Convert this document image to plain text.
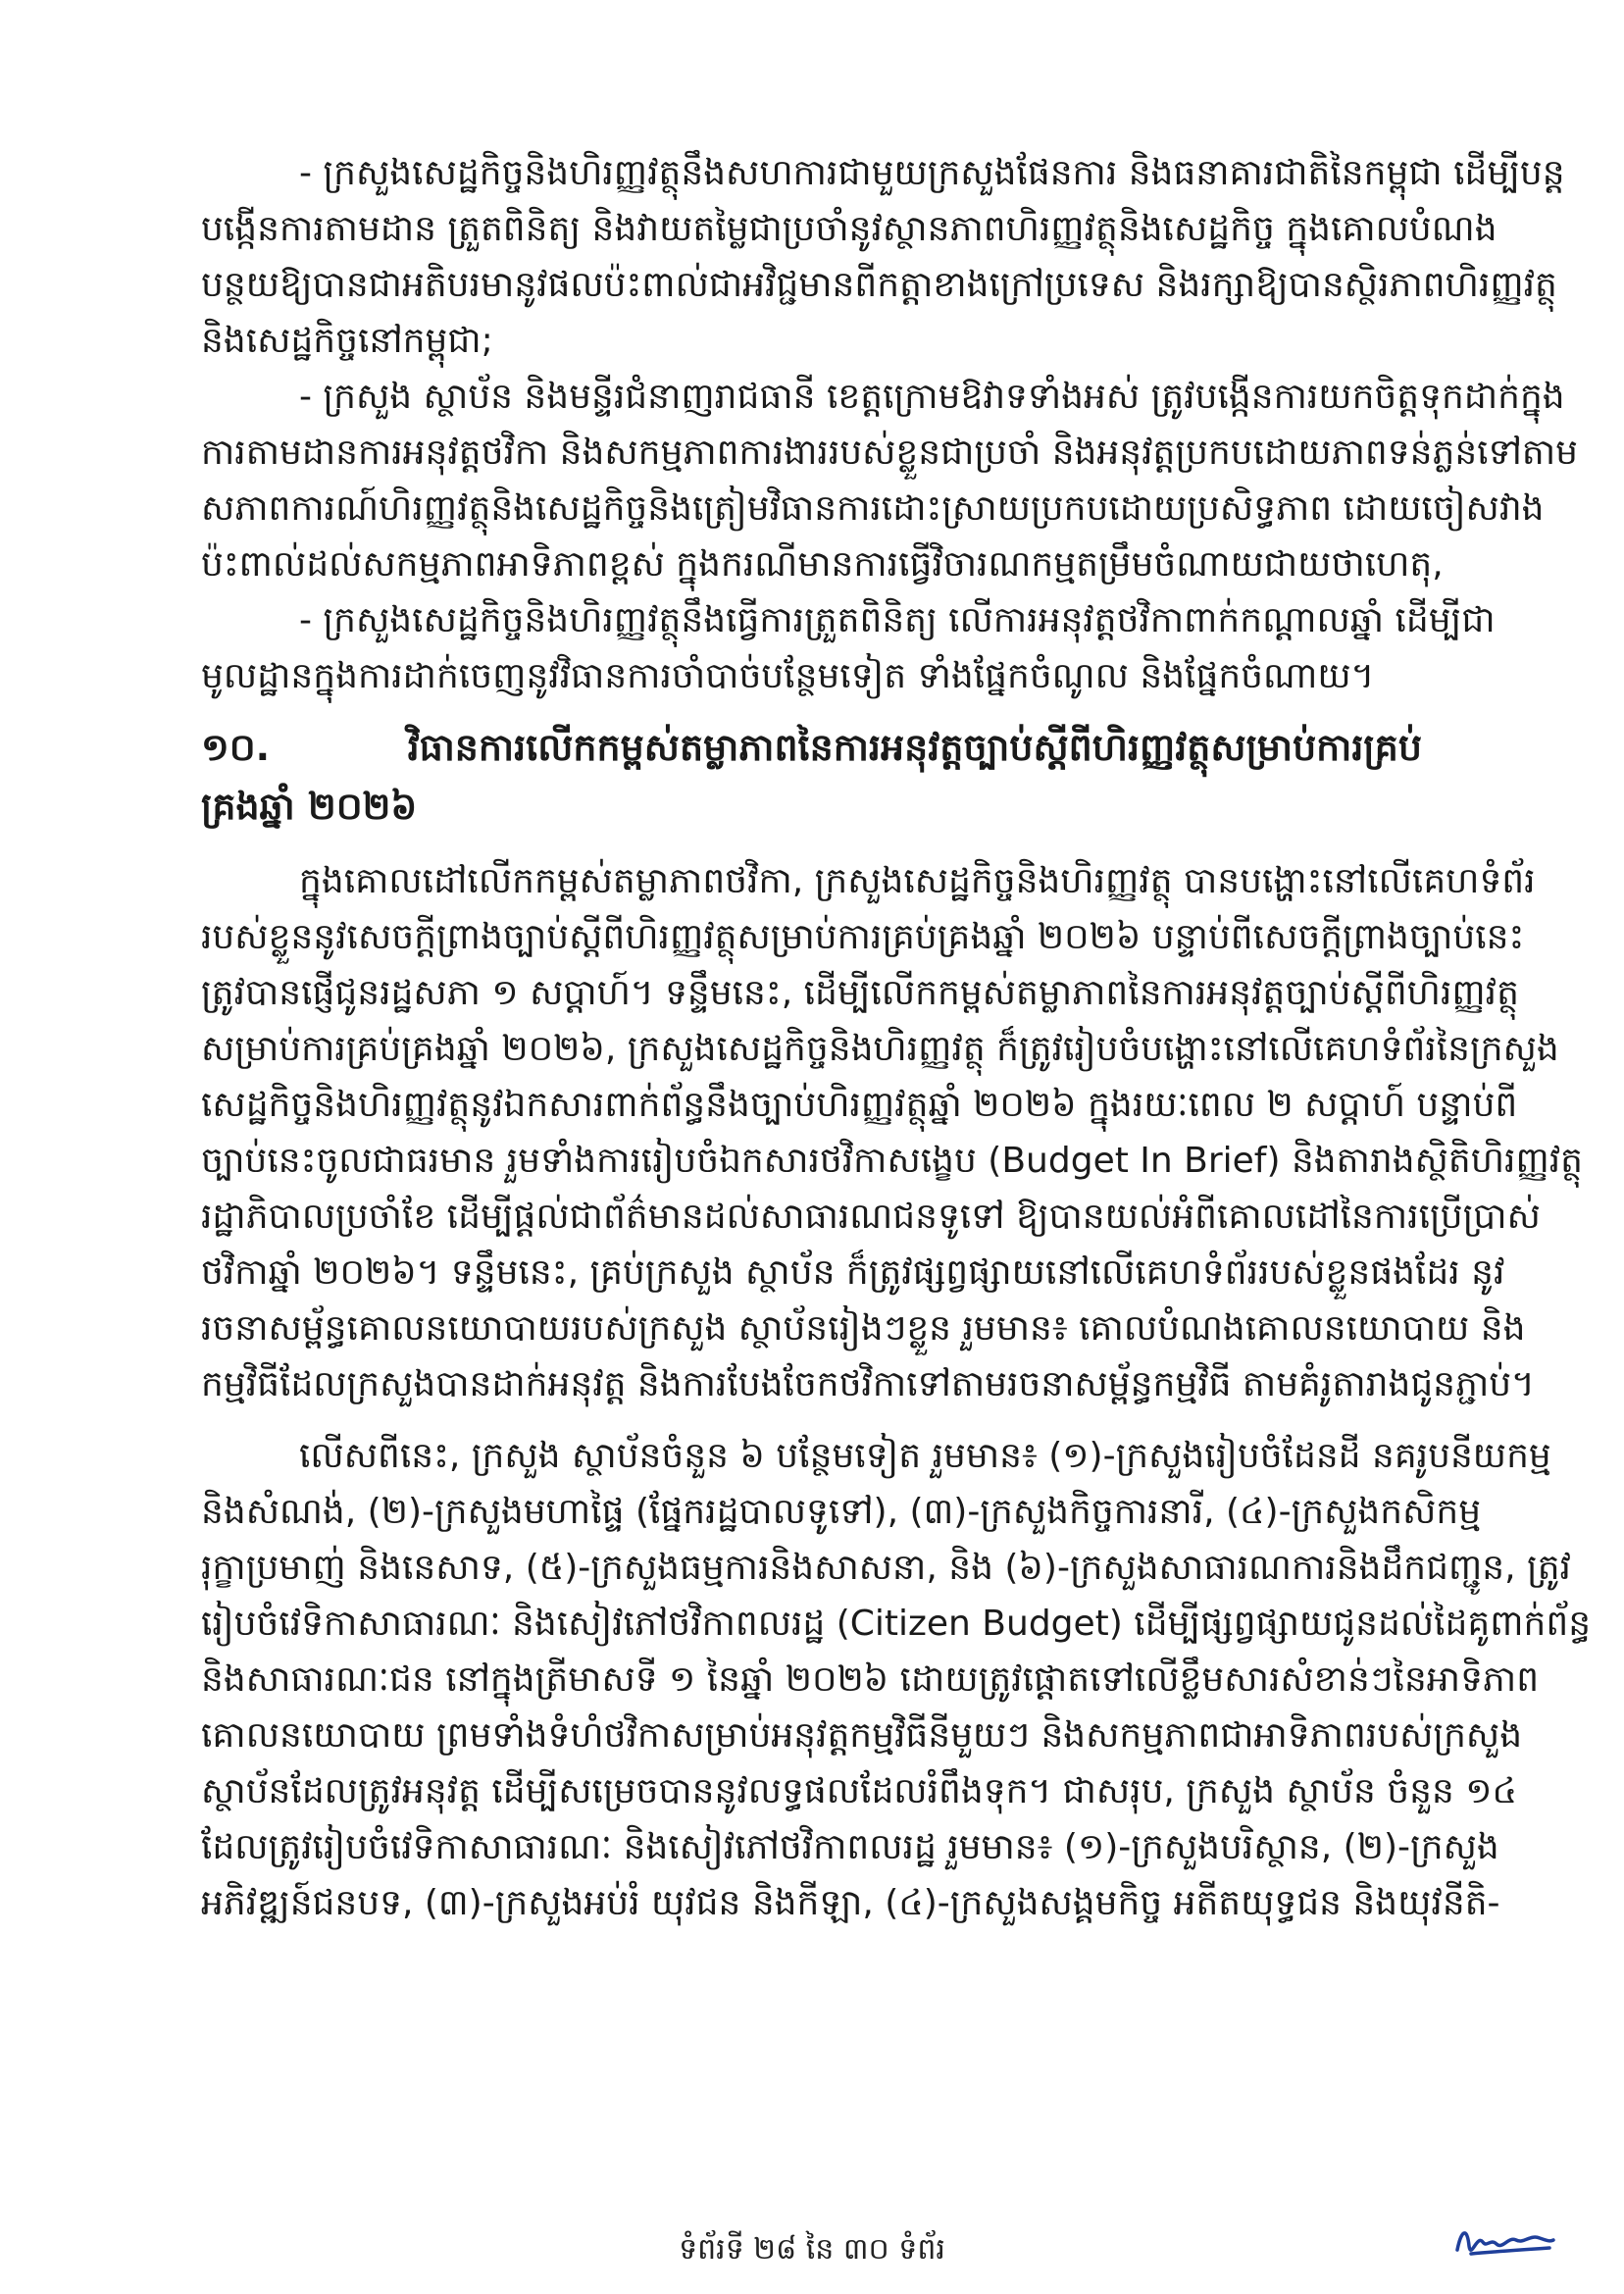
- ក្រសួងសេដ្ឋកិច្ចនិងហិរញ្ញវត្ថុនឹងសហការជាមួយក្រសួងផែនការ និងធនាគារជាតិនៃកម្ពុជា ដើម្បីបន្ត
បង្កើនការតាមដាន ត្រួតពិនិត្យ និងវាយតម្លៃជាប្រចាំនូវស្ថានភាពហិរញ្ញវត្ថុនិងសេដ្ឋកិច្ច ក្នុងគោលបំណង
បន្ថយឱ្យបានជាអតិបរមានូវផលប៉ះពាល់ជាអវិជ្ជមានពីកត្តាខាងក្រៅប្រទេស និងរក្សាឱ្យបានស្ថិរភាពហិរញ្ញវត្ថុ
និងសេដ្ឋកិច្ចនៅកម្ពុជា;
- ក្រសួង ស្ថាប័ន និងមន្ទីរជំនាញរាជធានី ខេត្តក្រោមឱវាទទាំងអស់ ត្រូវបង្កើនការយកចិត្តទុកដាក់ក្នុង
ការតាមដានការអនុវត្តថវិកា និងសកម្មភាពការងាររបស់ខ្លួនជាប្រចាំ និងអនុវត្តប្រកបដោយភាពទន់ភ្លន់ទៅតាម
សភាពការណ៍ហិរញ្ញវត្ថុនិងសេដ្ឋកិច្ចនិងត្រៀមវិធានការដោះស្រាយប្រកបដោយប្រសិទ្ធភាព ដោយចៀសវាង
ប៉ះពាល់ដល់សកម្មភាពអាទិភាពខ្ពស់ ក្នុងករណីមានការធ្វើវិចារណកម្មតម្រឹមចំណាយជាយថាហេតុ,
- ក្រសួងសេដ្ឋកិច្ចនិងហិរញ្ញវត្ថុនឹងធ្វើការត្រួតពិនិត្យ លើការអនុវត្តថវិកាពាក់កណ្តាលឆ្នាំ ដើម្បីជា
មូលដ្ឋានក្នុងការដាក់ចេញនូវវិធានការចាំបាច់បន្ថែមទៀត ទាំងផ្នែកចំណូល និងផ្នែកចំណាយ។
១០. វិធានការលើកកម្ពស់តម្លាភាពនៃការអនុវត្តច្បាប់ស្តីពីហិរញ្ញវត្ថុសម្រាប់ការគ្រប់
គ្រងឆ្នាំ ២០២៦
ក្នុងគោលដៅលើកកម្ពស់តម្លាភាពថវិកា, ក្រសួងសេដ្ឋកិច្ចនិងហិរញ្ញវត្ថុ បានបង្ហោះនៅលើគេហទំព័រ
របស់ខ្លួននូវសេចក្តីព្រាងច្បាប់ស្តីពីហិរញ្ញវត្ថុសម្រាប់ការគ្រប់គ្រងឆ្នាំ ២០២៦ បន្ទាប់ពីសេចក្តីព្រាងច្បាប់នេះ
ត្រូវបានផ្ញើជូនរដ្ឋសភា ១ សប្តាហ៍។ ទន្ទឹមនេះ, ដើម្បីលើកកម្ពស់តម្លាភាពនៃការអនុវត្តច្បាប់ស្តីពីហិរញ្ញវត្ថុ
សម្រាប់ការគ្រប់គ្រងឆ្នាំ ២០២៦, ក្រសួងសេដ្ឋកិច្ចនិងហិរញ្ញវត្ថុ ក៏ត្រូវរៀបចំបង្ហោះនៅលើគេហទំព័រនៃក្រសួង
សេដ្ឋកិច្ចនិងហិរញ្ញវត្ថុនូវឯកសារពាក់ព័ន្ធនឹងច្បាប់ហិរញ្ញវត្ថុឆ្នាំ ២០២៦ ក្នុងរយៈពេល ២ សប្តាហ៍ បន្ទាប់ពី
ច្បាប់នេះចូលជាធរមាន រួមទាំងការរៀបចំឯកសារថវិកាសង្ខេប (Budget In Brief) និងតារាងស្ថិតិហិរញ្ញវត្ថុ
រដ្ឋាភិបាលប្រចាំខែ ដើម្បីផ្តល់ជាព័ត៌មានដល់សាធារណជនទូទៅ ឱ្យបានយល់អំពីគោលដៅនៃការប្រើប្រាស់
ថវិកាឆ្នាំ ២០២៦។ ទន្ទឹមនេះ, គ្រប់ក្រសួង ស្ថាប័ន ក៏ត្រូវផ្សព្វផ្សាយនៅលើគេហទំព័ររបស់ខ្លួនផងដែរ នូវ
រចនាសម្ព័ន្ធគោលនយោបាយរបស់ក្រសួង ស្ថាប័នរៀងៗខ្លួន រួមមាន៖ គោលបំណងគោលនយោបាយ និង
កម្មវិធីដែលក្រសួងបានដាក់អនុវត្ត និងការបែងចែកថវិកាទៅតាមរចនាសម្ព័ន្ធកម្មវិធី តាមគំរូតារាងជូនភ្ជាប់។
លើសពីនេះ, ក្រសួង ស្ថាប័នចំនួន ៦ បន្ថែមទៀត រួមមាន៖ (១)-ក្រសួងរៀបចំដែនដី នគរូបនីយកម្ម
និងសំណង់, (២)-ក្រសួងមហាផ្ទៃ (ផ្នែករដ្ឋបាលទូទៅ), (៣)-ក្រសួងកិច្ចការនារី, (៤)-ក្រសួងកសិកម្ម
រុក្ខាប្រមាញ់ និងនេសាទ, (៥)-ក្រសួងធម្មការនិងសាសនា, និង (៦)-ក្រសួងសាធារណការនិងដឹកជញ្ជូន, ត្រូវ
រៀបចំវេទិកាសាធារណៈ និងសៀវភៅថវិកាពលរដ្ឋ (Citizen Budget) ដើម្បីផ្សព្វផ្សាយជូនដល់ដៃគូពាក់ព័ន្ធ
និងសាធារណៈជន នៅក្នុងត្រីមាសទី ១ នៃឆ្នាំ ២០២៦ ដោយត្រូវផ្តោតទៅលើខ្លឹមសារសំខាន់ៗនៃអាទិភាព
គោលនយោបាយ ព្រមទាំងទំហំថវិកាសម្រាប់អនុវត្តកម្មវិធីនីមួយៗ និងសកម្មភាពជាអាទិភាពរបស់ក្រសួង
ស្ថាប័នដែលត្រូវអនុវត្ត ដើម្បីសម្រេចបាននូវលទ្ធផលដែលរំពឹងទុក។ ជាសរុប, ក្រសួង ស្ថាប័ន ចំនួន ១៤
ដែលត្រូវរៀបចំវេទិកាសាធារណៈ និងសៀវភៅថវិកាពលរដ្ឋ រួមមាន៖ (១)-ក្រសួងបរិស្ថាន, (២)-ក្រសួង
អភិវឌ្ឍន៍ជនបទ, (៣)-ក្រសួងអប់រំ យុវជន និងកីឡា, (៤)-ក្រសួងសង្គមកិច្ច អតីតយុទ្ធជន និងយុវនីតិ-
ទំព័រទី ២៨ នៃ ៣០ ទំព័រ
